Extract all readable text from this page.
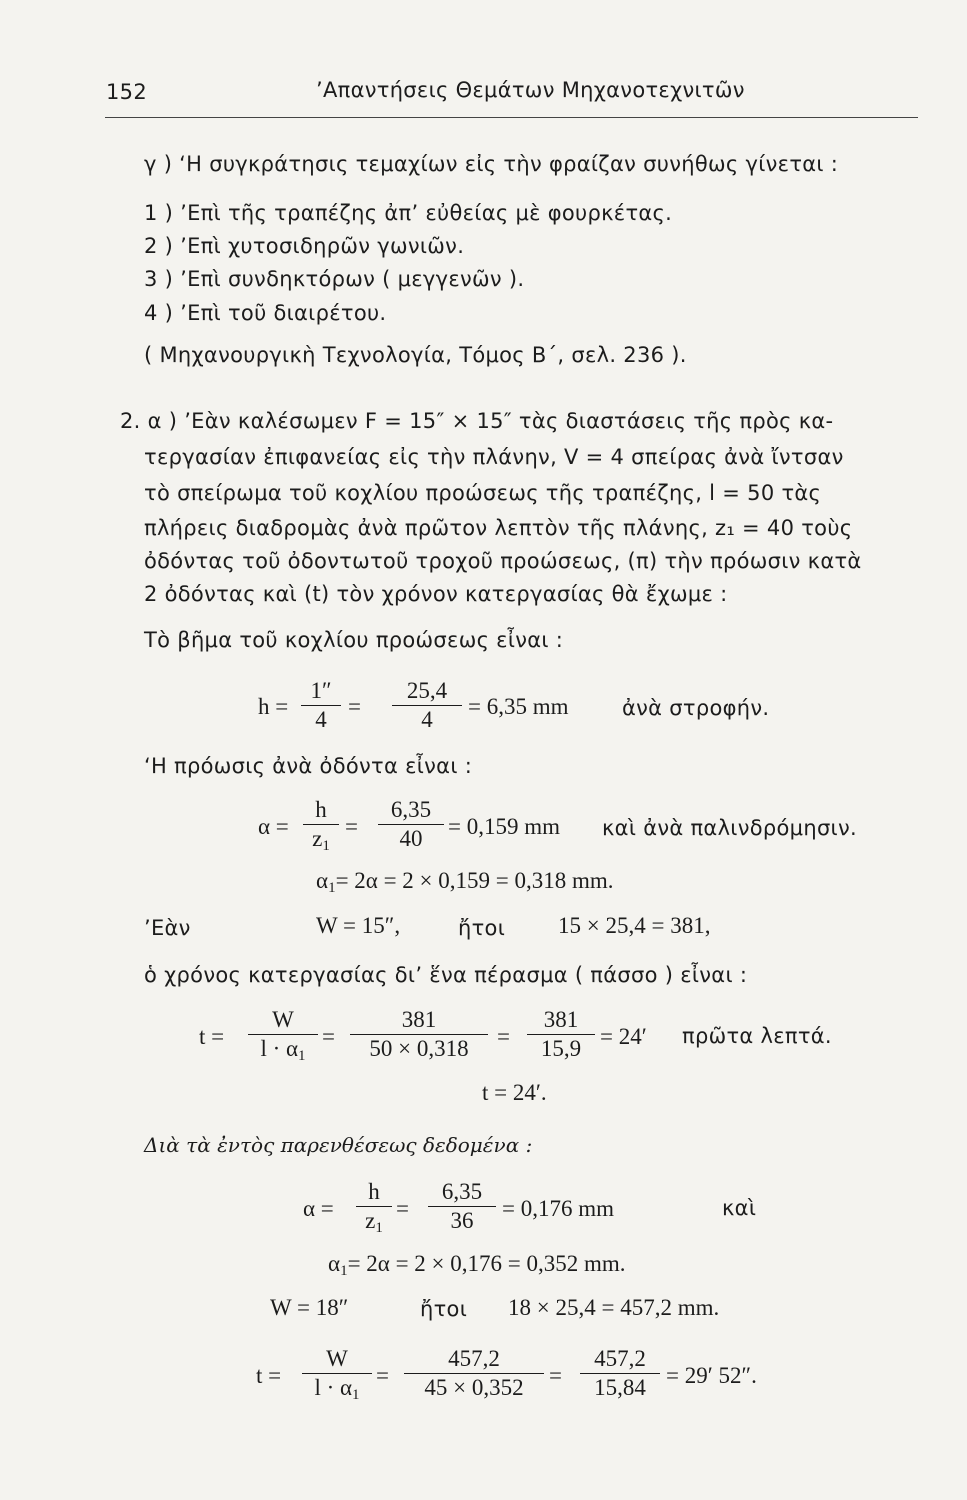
152	’Απαντήσεις Θεμάτων Μηχανοτεχνιτῶν
γ ) ‘Η συγκράτησις τεμαχίων εἰς τὴν φραίζαν συνήθως γίνεται :
1 ) ’Επὶ τῆς τραπέζης ἀπ’ εὐθείας μὲ φουρκέτας.
2 ) ’Επὶ χυτοσιδηρῶν γωνιῶν.
3 ) ’Επὶ συνδηκτόρων ( μεγγενῶν ).
4 ) ’Επὶ τοῦ διαιρέτου.
( Μηχανουργικὴ Τεχνολογία, Τόμος Β΄, σελ. 236 ).
2. α ) ’Εὰν καλέσωμεν F = 15″ × 15″ τὰς διαστάσεις τῆς πρὸς κα-
τεργασίαν ἐπιφανείας εἰς τὴν πλάνην, V = 4 σπείρας ἀνὰ ἴντσαν
τὸ σπείρωμα τοῦ κοχλίου προώσεως τῆς τραπέζης, l = 50 τὰς
πλήρεις διαδρομὰς ἀνὰ πρῶτον λεπτὸν τῆς πλάνης, z₁ = 40 τοὺς
ὀδόντας τοῦ ὀδοντωτοῦ τροχοῦ προώσεως, (π) τὴν πρόωσιν κατὰ
2 ὀδόντας καὶ (t) τὸν χρόνον κατεργασίας θὰ ἔχωμε :
Τὸ βῆμα τοῦ κοχλίου προώσεως εἶναι :
$h = \frac{1''}{4} = \frac{25,4}{4} = 6,35$ mm	ἀνὰ στροφήν.
‘Η πρόωσις ἀνὰ ὀδόντα εἶναι :
$\alpha = \frac{h}{z_1} = \frac{6,35}{40} = 0,159$ mm καὶ ἀνὰ παλινδρόμησιν.
$\alpha_1= 2\alpha = 2 \times 0,159 = 0,318$ mm.
’Εὰν	W = 15″,	ἤτοι 15 × 25,4 = 381,
ὁ χρόνος κατεργασίας δι’ ἕνα πέρασμα ( πάσσο ) εἶναι :
$t = \frac{W}{l \cdot \alpha_1} = \frac{381}{50 \times 0,318} = \frac{381}{15,9} = 24'$ πρῶτα λεπτά.
t = 24′.
Διὰ τὰ ἐντὸς παρενθέσεως δεδομένα :
$\alpha = \frac{h}{z_1} = \frac{6,35}{36} = 0,176$ mm	καὶ
$\alpha_1= 2\alpha = 2 \times 0,176 = 0,352$ mm.
W = 18″	ἤτοι 18 × 25,4 = 457,2 mm.
$t = \frac{W}{l \cdot \alpha_1} = \frac{457,2}{45 \times 0,352} = \frac{457,2}{15,84} = 29'$ 52″.
